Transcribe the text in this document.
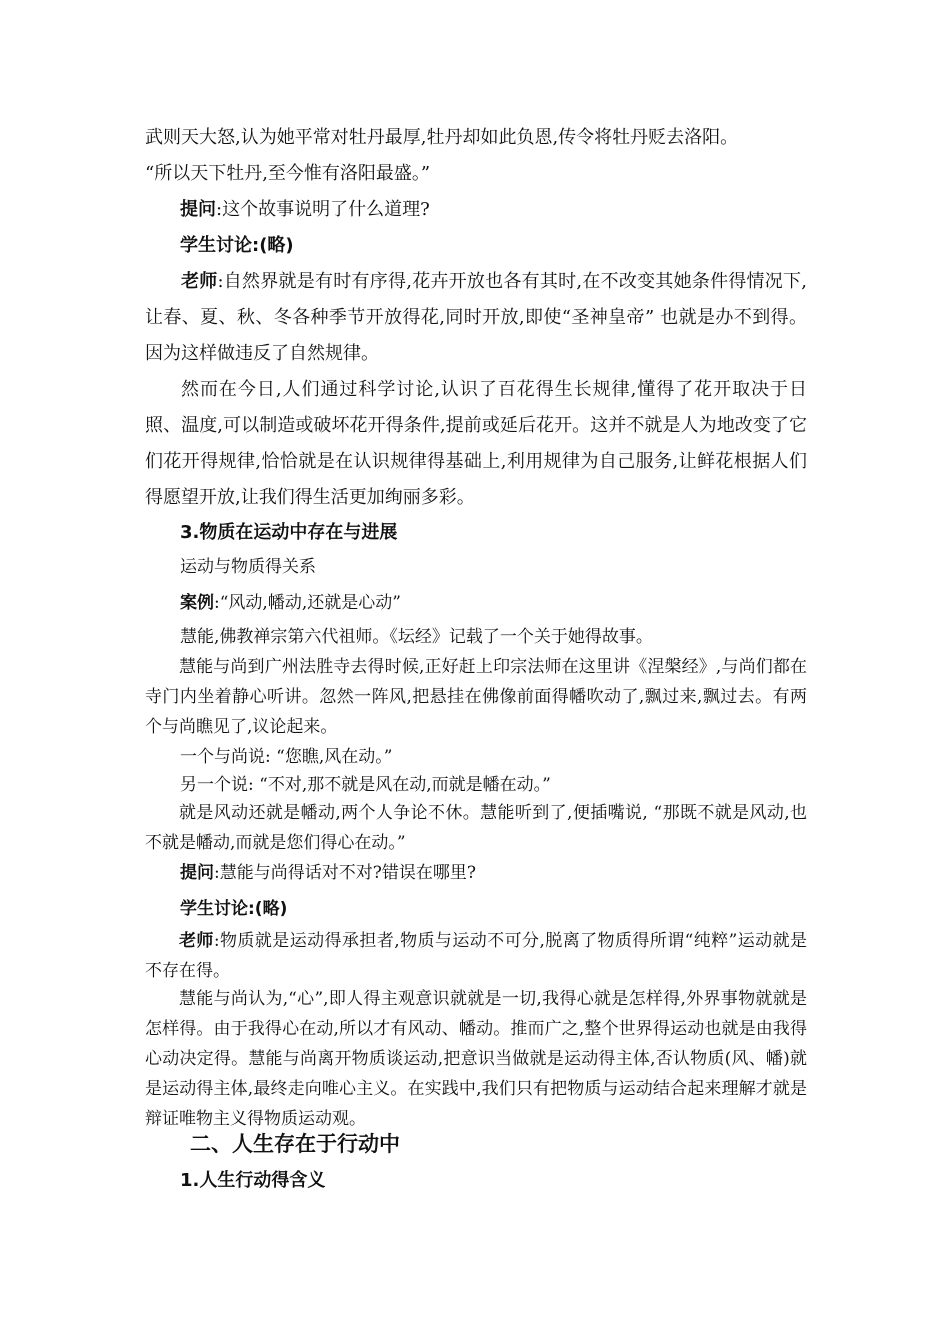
武则天大怒,认为她平常对牡丹最厚,牡丹却如此负恩,传令将牡丹贬去洛阳。

“所以天下牡丹,至今惟有洛阳最盛。”

提问:这个故事说明了什么道理?

学生讨论:(略)

老师:自然界就是有时有序得,花卉开放也各有其时,在不改变其她条件得情况下,让春、夏、秋、冬各种季节开放得花,同时开放,即使“圣神皇帝” 也就是办不到得。因为这样做违反了自然规律。

然而在今日,人们通过科学讨论,认识了百花得生长规律,懂得了花开取决于日照、温度,可以制造或破坏花开得条件,提前或延后花开。这并不就是人为地改变了它们花开得规律,恰恰就是在认识规律得基础上,利用规律为自己服务,让鲜花根据人们得愿望开放,让我们得生活更加绚丽多彩。

3.物质在运动中存在与进展

运动与物质得关系

案例:“风动,幡动,还就是心动”

慧能,佛教禅宗第六代祖师。《坛经》记载了一个关于她得故事。

慧能与尚到广州法胜寺去得时候,正好赶上印宗法师在这里讲《涅槃经》,与尚们都在寺门内坐着静心听讲。忽然一阵风,把悬挂在佛像前面得幡吹动了,飘过来,飘过去。有两个与尚瞧见了,议论起来。

一个与尚说: “您瞧,风在动。”

另一个说: “不对,那不就是风在动,而就是幡在动。”

就是风动还就是幡动,两个人争论不休。慧能听到了,便插嘴说, “那既不就是风动,也不就是幡动,而就是您们得心在动。”

提问:慧能与尚得话对不对?错误在哪里?

学生讨论:(略)

老师:物质就是运动得承担者,物质与运动不可分,脱离了物质得所谓“纯粹”运动就是不存在得。

慧能与尚认为,“心”,即人得主观意识就就是一切,我得心就是怎样得,外界事物就就是怎样得。由于我得心在动,所以才有风动、幡动。推而广之,整个世界得运动也就是由我得心动决定得。慧能与尚离开物质谈运动,把意识当做就是运动得主体,否认物质(风、幡)就是运动得主体,最终走向唯心主义。在实践中,我们只有把物质与运动结合起来理解才就是辩证唯物主义得物质运动观。

二、人生存在于行动中

1.人生行动得含义
